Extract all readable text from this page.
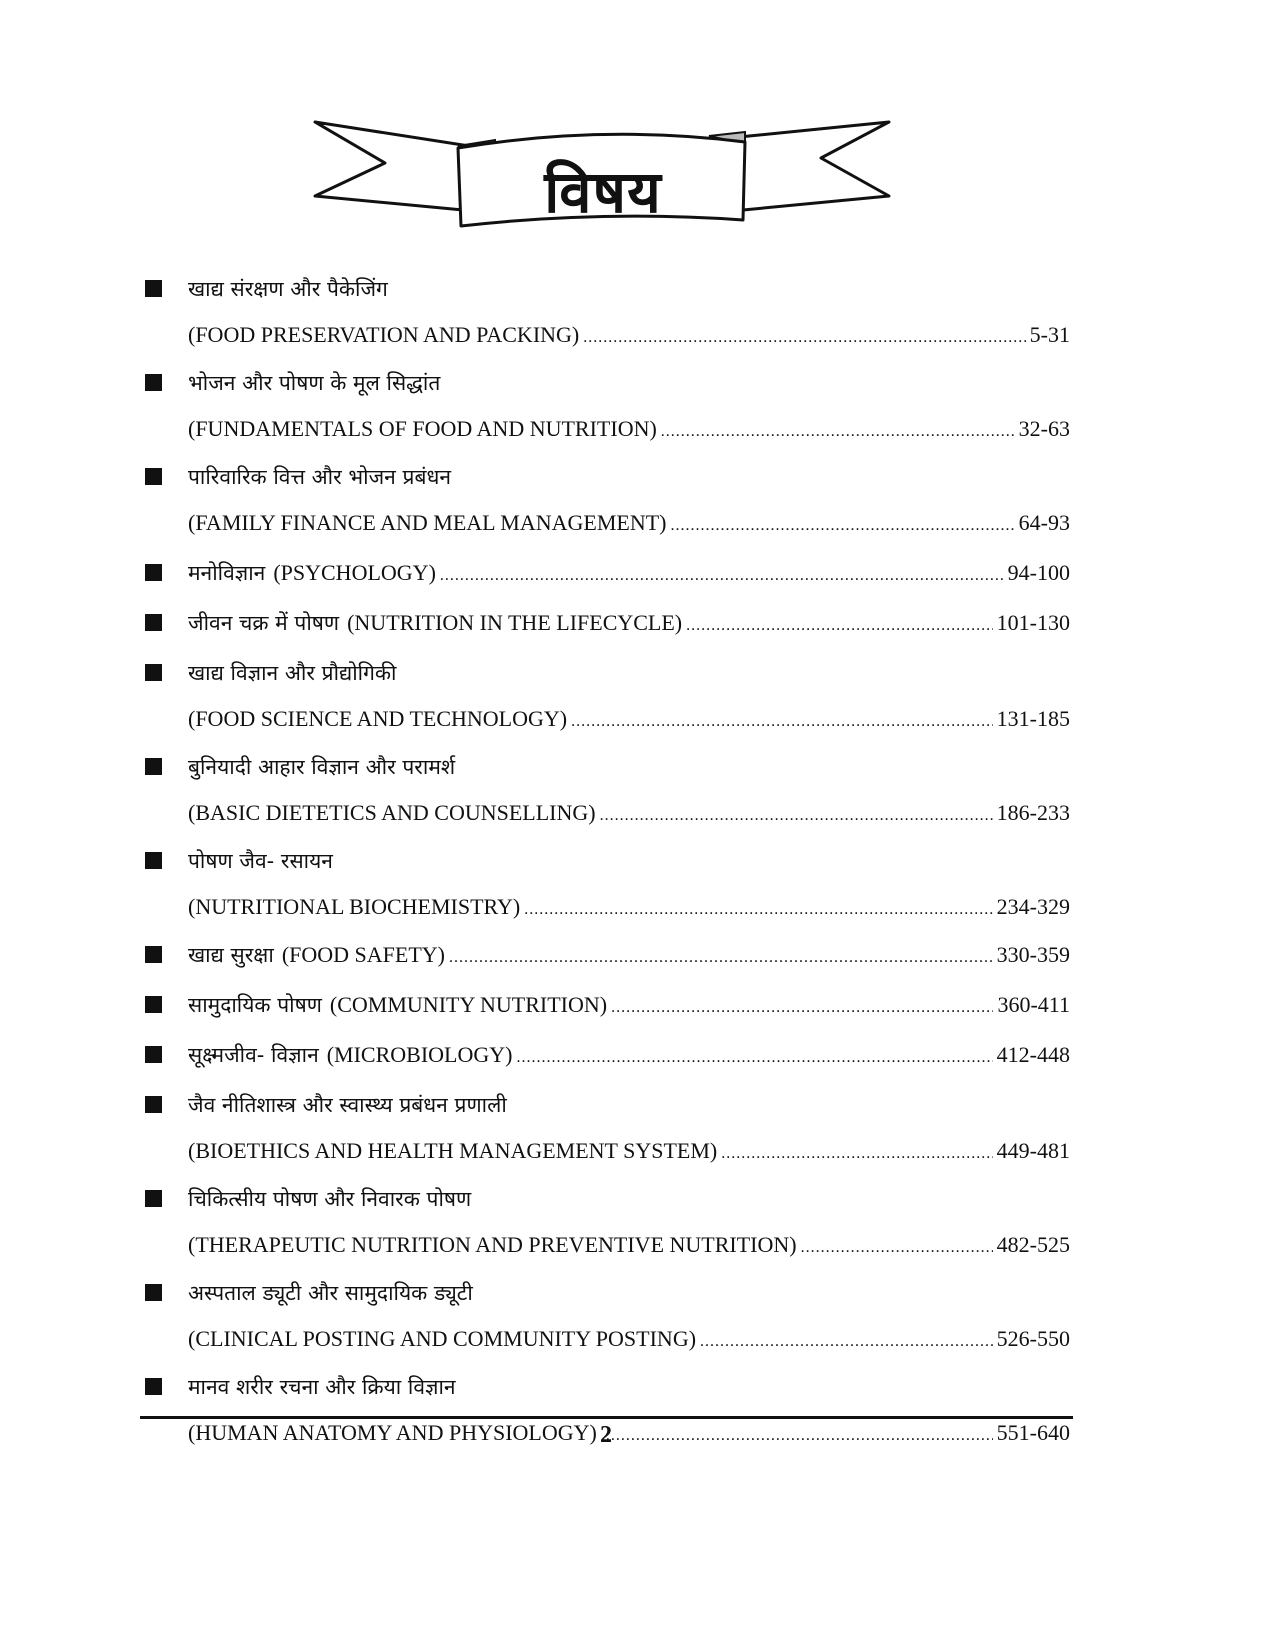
विषय
खाद्य संरक्षण और पैकेजिंग
(FOOD PRESERVATION AND PACKING) .....	5-31
भोजन और पोषण के मूल सिद्धांत
(FUNDAMENTALS OF FOOD AND NUTRITION) .....	32-63
पारिवारिक वित्त और भोजन प्रबंधन
(FAMILY FINANCE AND MEAL MANAGEMENT) .....	64-93
मनोविज्ञान (PSYCHOLOGY) .....	94-100
जीवन चक्र में पोषण (NUTRITION IN THE LIFECYCLE) .....	101-130
खाद्य विज्ञान और प्रौद्योगिकी
(FOOD SCIENCE AND TECHNOLOGY) .....	131-185
बुनियादी आहार विज्ञान और परामर्श
(BASIC DIETETICS AND COUNSELLING) .....	186-233
पोषण जैव- रसायन
(NUTRITIONAL BIOCHEMISTRY) .....	234-329
खाद्य सुरक्षा (FOOD SAFETY) .....	330-359
सामुदायिक पोषण (COMMUNITY NUTRITION) .....	360-411
सूक्ष्मजीव- विज्ञान (MICROBIOLOGY) .....	412-448
जैव नीतिशास्त्र और स्वास्थ्य प्रबंधन प्रणाली
(BIOETHICS AND HEALTH MANAGEMENT SYSTEM) .....	449-481
चिकित्सीय पोषण और निवारक पोषण
(THERAPEUTIC NUTRITION AND PREVENTIVE NUTRITION) .....	482-525
अस्पताल ड्यूटी और सामुदायिक ड्यूटी
(CLINICAL POSTING AND COMMUNITY POSTING) .....	526-550
मानव शरीर रचना और क्रिया विज्ञान
(HUMAN ANATOMY AND PHYSIOLOGY) .....	551-640
2
